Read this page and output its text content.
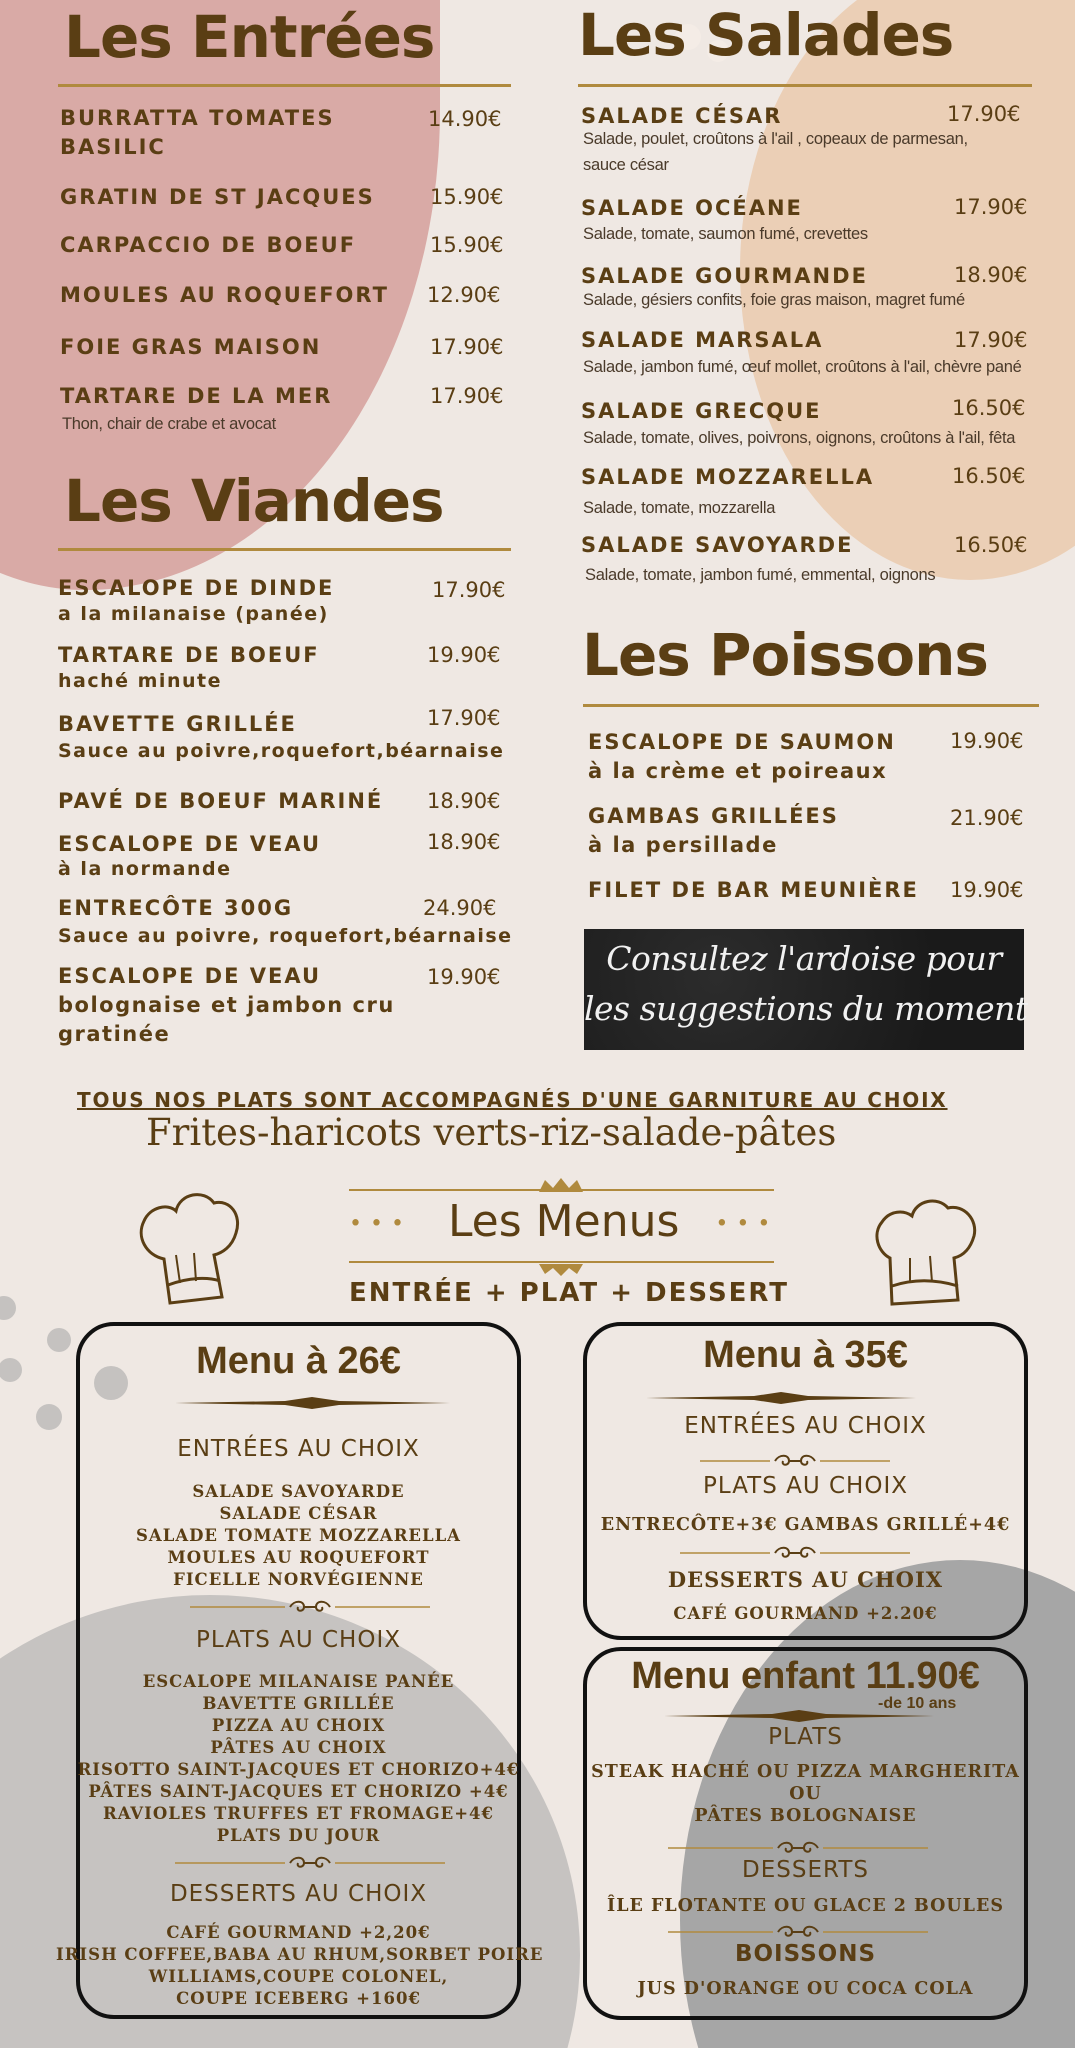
Les Entrées
BURRATTA TOMATES
BASILIC
14.90€
GRATIN DE ST JACQUES	15.90€
CARPACCIO DE BOEUF	15.90€
MOULES AU ROQUEFORT 12.90€
FOIE GRAS MAISON	17.90€
TARTARE DE LA MER	17.90€
Thon, chair de crabe et avocat
Les Viandes
ESCALOPE DE DINDE
a la milanaise (panée)
17.90€
TARTARE DE BOEUF
haché minute
19.90€
BAVETTE GRILLÉE
Sauce au poivre,roquefort,béarnaise
17.90€
PAVÉ DE BOEUF MARINÉ 18.90€
ESCALOPE DE VEAU
à la normande
18.90€
ENTRECÔTE 300G
Sauce au poivre, roquefort,béarnaise
24.90€
ESCALOPE DE VEAU
bolognaise et jambon cru
gratinée
19.90€
Les Salades
SALADE CÉSAR	17.90€
Salade, poulet, croûtons à l'ail , copeaux de parmesan,
sauce césar
SALADE OCÉANE	17.90€
Salade, tomate, saumon fumé, crevettes
SALADE GOURMANDE	18.90€
Salade, gésiers confits, foie gras maison, magret fumé
SALADE MARSALA	17.90€
Salade, jambon fumé, œuf mollet, croûtons à l'ail, chèvre pané
SALADE GRECQUE	16.50€
Salade, tomate, olives, poivrons, oignons, croûtons à l'ail, fêta
SALADE MOZZARELLA	16.50€
Salade, tomate, mozzarella
SALADE SAVOYARDE	16.50€
Salade, tomate, jambon fumé, emmental, oignons
Les Poissons
ESCALOPE DE SAUMON
à la crème et poireaux
19.90€
GAMBAS GRILLÉES
à la persillade
21.90€
FILET DE BAR MEUNIÈRE 19.90€
Consultez l'ardoise pour
les suggestions du moment
TOUS NOS PLATS SONT ACCOMPAGNÉS D'UNE GARNITURE AU CHOIX
Frites-haricots verts-riz-salade-pâtes
••• Les Menus •••
ENTRÉE + PLAT + DESSERT
Menu à 26€
ENTRÉES AU CHOIX
SALADE SAVOYARDE
SALADE CÉSAR
SALADE TOMATE MOZZARELLA
MOULES AU ROQUEFORT
FICELLE NORVÉGIENNE
PLATS AU CHOIX
ESCALOPE MILANAISE PANÉE
BAVETTE GRILLÉE
PIZZA AU CHOIX
PÂTES AU CHOIX
RISOTTO SAINT-JACQUES ET CHORIZO+4€
PÂTES SAINT-JACQUES ET CHORIZO +4€
RAVIOLES TRUFFES ET FROMAGE+4€
PLATS DU JOUR
DESSERTS AU CHOIX
CAFÉ GOURMAND +2,20€
IRISH COFFEE,BABA AU RHUM,SORBET POIRE
WILLIAMS,COUPE COLONEL,
COUPE ICEBERG +160€
Menu à 35€
ENTRÉES AU CHOIX
PLATS AU CHOIX
ENTRECÔTE+3€ GAMBAS GRILLÉ+4€
DESSERTS AU CHOIX
CAFÉ GOURMAND +2.20€
Menu enfant 11.90€
-de 10 ans
PLATS
STEAK HACHÉ OU PIZZA MARGHERITA
OU
PÂTES BOLOGNAISE
DESSERTS
ÎLE FLOTANTE OU GLACE 2 BOULES
BOISSONS
JUS D'ORANGE OU COCA COLA
